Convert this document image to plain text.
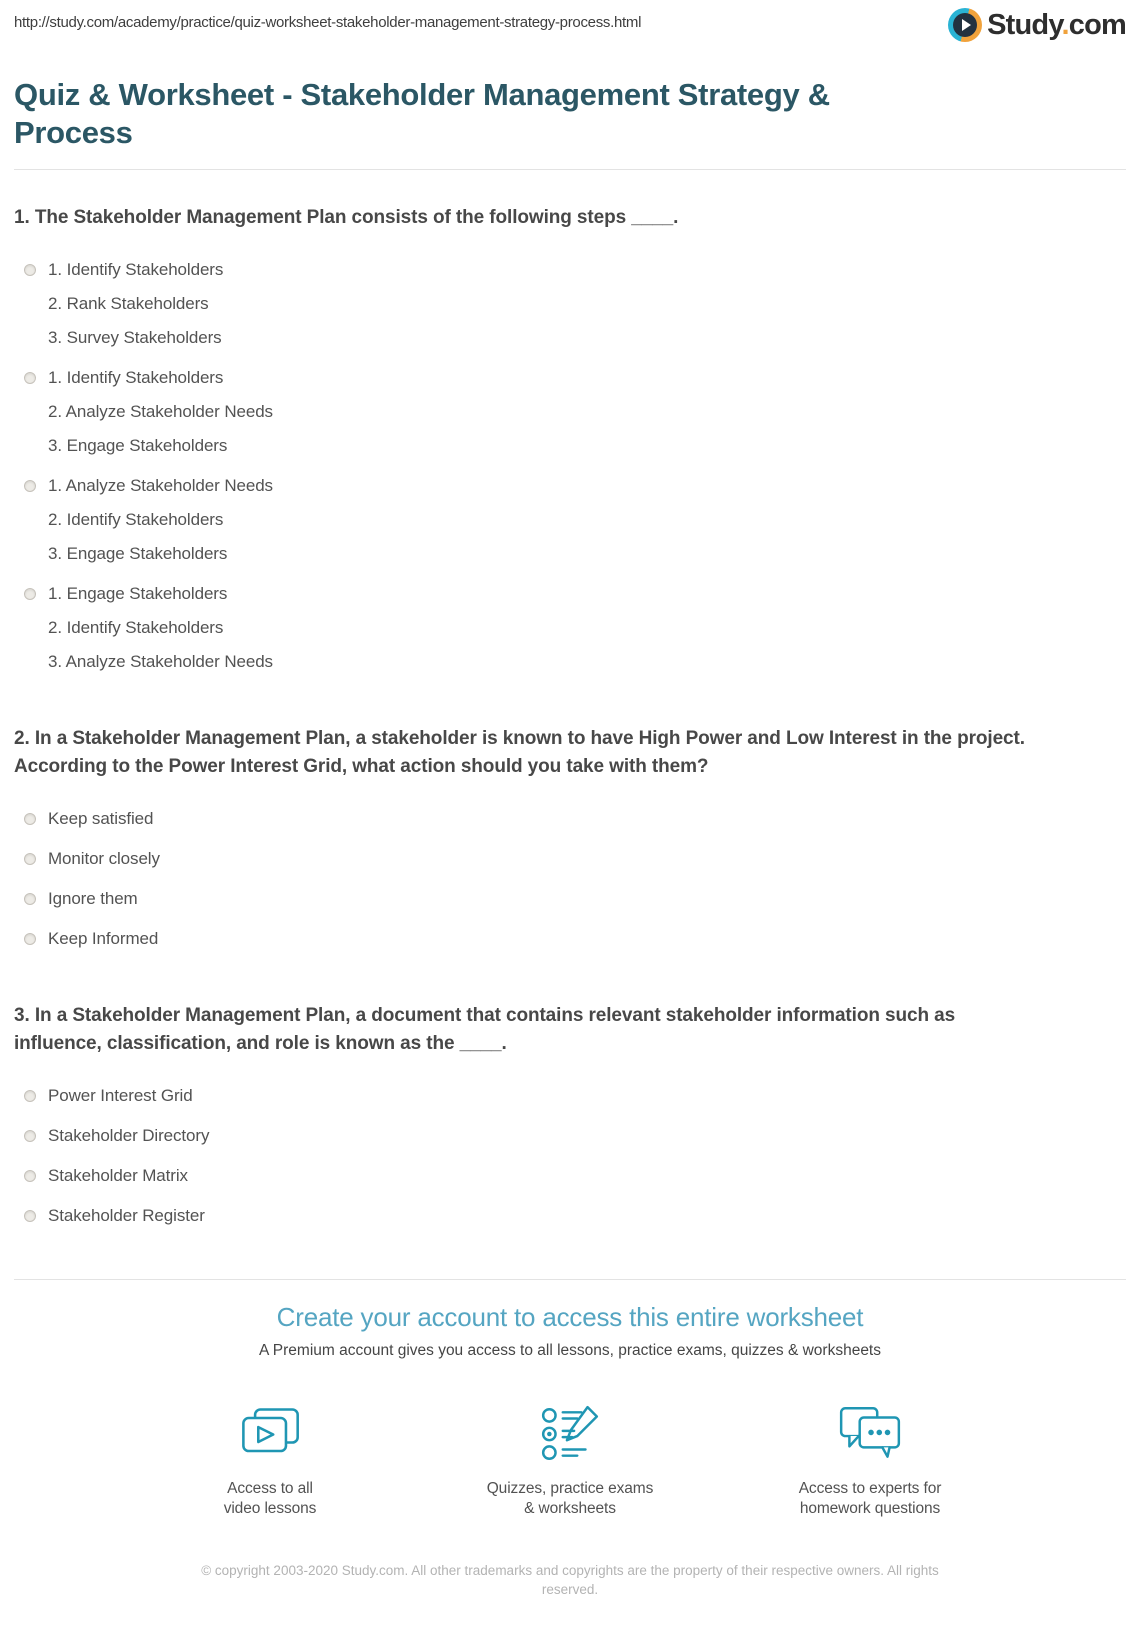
http://study.com/academy/practice/quiz-worksheet-stakeholder-management-strategy-process.html	Study.com
Quiz & Worksheet - Stakeholder Management Strategy &
Process
1. The Stakeholder Management Plan consists of the following steps ____.
1. Identify Stakeholders
2. Rank Stakeholders
3. Survey Stakeholders
1. Identify Stakeholders
2. Analyze Stakeholder Needs
3. Engage Stakeholders
1. Analyze Stakeholder Needs
2. Identify Stakeholders
3. Engage Stakeholders
1. Engage Stakeholders
2. Identify Stakeholders
3. Analyze Stakeholder Needs
2. In a Stakeholder Management Plan, a stakeholder is known to have High Power and Low Interest in the project.
According to the Power Interest Grid, what action should you take with them?
Keep satisfied
Monitor closely
Ignore them
Keep Informed
3. In a Stakeholder Management Plan, a document that contains relevant stakeholder information such as
influence, classification, and role is known as the ____.
Power Interest Grid
Stakeholder Directory
Stakeholder Matrix
Stakeholder Register
Create your account to access this entire worksheet

A Premium account gives you access to all lessons, practice exams, quizzes & worksheets

Access to all
video lessons
Quizzes, practice exams
& worksheets
Access to experts for
homework questions

© copyright 2003-2020 Study.com. All other trademarks and copyrights are the property of their respective owners. All rights reserved.
